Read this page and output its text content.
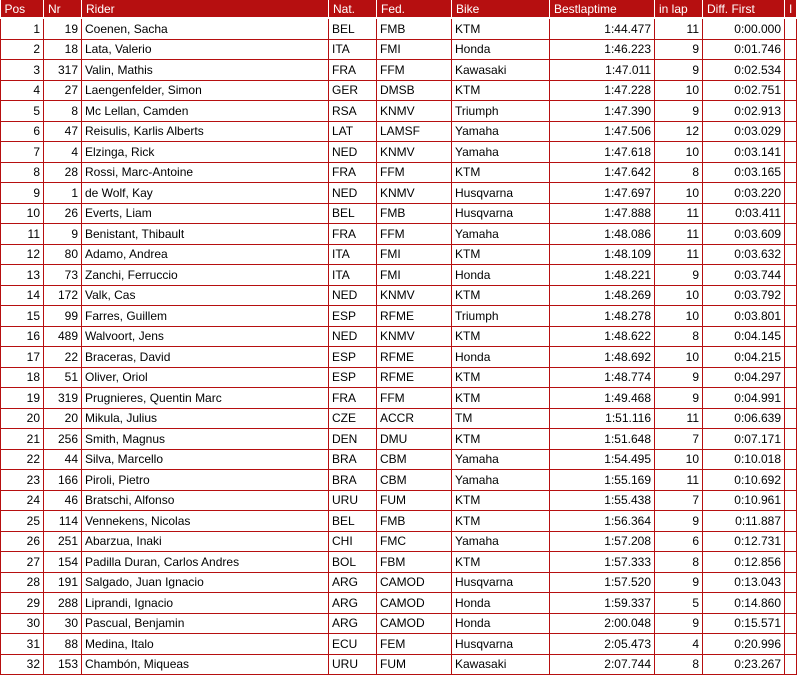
Pos	Nr	Rider	Nat.	Fed.	Bike	Bestlaptime	in lap	Diff. First	I
1	19	Coenen, Sacha	BEL	FMB	KTM	1:44.477	11	0:00.000	
2	18	Lata, Valerio	ITA	FMI	Honda	1:46.223	9	0:01.746	
3	317	Valin, Mathis	FRA	FFM	Kawasaki	1:47.011	9	0:02.534	
4	27	Laengenfelder, Simon	GER	DMSB	KTM	1:47.228	10	0:02.751	
5	8	Mc Lellan, Camden	RSA	KNMV	Triumph	1:47.390	9	0:02.913	
6	47	Reisulis, Karlis Alberts	LAT	LAMSF	Yamaha	1:47.506	12	0:03.029	
7	4	Elzinga, Rick	NED	KNMV	Yamaha	1:47.618	10	0:03.141	
8	28	Rossi, Marc-Antoine	FRA	FFM	KTM	1:47.642	8	0:03.165	
9	1	de Wolf, Kay	NED	KNMV	Husqvarna	1:47.697	10	0:03.220	
10	26	Everts, Liam	BEL	FMB	Husqvarna	1:47.888	11	0:03.411	
11	9	Benistant, Thibault	FRA	FFM	Yamaha	1:48.086	11	0:03.609	
12	80	Adamo, Andrea	ITA	FMI	KTM	1:48.109	11	0:03.632	
13	73	Zanchi, Ferruccio	ITA	FMI	Honda	1:48.221	9	0:03.744	
14	172	Valk, Cas	NED	KNMV	KTM	1:48.269	10	0:03.792	
15	99	Farres, Guillem	ESP	RFME	Triumph	1:48.278	10	0:03.801	
16	489	Walvoort, Jens	NED	KNMV	KTM	1:48.622	8	0:04.145	
17	22	Braceras, David	ESP	RFME	Honda	1:48.692	10	0:04.215	
18	51	Oliver, Oriol	ESP	RFME	KTM	1:48.774	9	0:04.297	
19	319	Prugnieres, Quentin Marc	FRA	FFM	KTM	1:49.468	9	0:04.991	
20	20	Mikula, Julius	CZE	ACCR	TM	1:51.116	11	0:06.639	
21	256	Smith, Magnus	DEN	DMU	KTM	1:51.648	7	0:07.171	
22	44	Silva, Marcello	BRA	CBM	Yamaha	1:54.495	10	0:10.018	
23	166	Piroli, Pietro	BRA	CBM	Yamaha	1:55.169	11	0:10.692	
24	46	Bratschi, Alfonso	URU	FUM	KTM	1:55.438	7	0:10.961	
25	114	Vennekens, Nicolas	BEL	FMB	KTM	1:56.364	9	0:11.887	
26	251	Abarzua, Inaki	CHI	FMC	Yamaha	1:57.208	6	0:12.731	
27	154	Padilla Duran, Carlos Andres	BOL	FBM	KTM	1:57.333	8	0:12.856	
28	191	Salgado, Juan Ignacio	ARG	CAMOD	Husqvarna	1:57.520	9	0:13.043	
29	288	Liprandi, Ignacio	ARG	CAMOD	Honda	1:59.337	5	0:14.860	
30	30	Pascual, Benjamin	ARG	CAMOD	Honda	2:00.048	9	0:15.571	
31	88	Medina, Italo	ECU	FEM	Husqvarna	2:05.473	4	0:20.996	
32	153	Chambón, Miqueas	URU	FUM	Kawasaki	2:07.744	8	0:23.267	
